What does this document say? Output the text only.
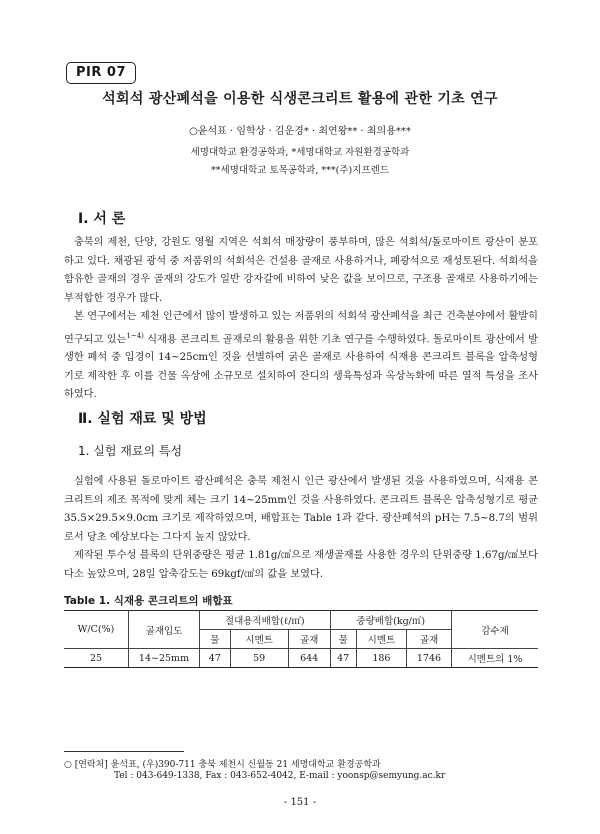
PIR 07
석회석 광산폐석을 이용한 식생콘크리트 활용에 관한 기초 연구
○윤석표 · 임학상 · 김운경* · 최연왕** · 최의용***
세명대학교 환경공학과, *세명대학교 자원환경공학과
**세명대학교 토목공학과, ***(주)지프렌드
Ⅰ. 서 론

충북의 제천, 단양, 강원도 영월 지역은 석회석 매장량이 풍부하며, 많은 석회석/돌로마이트 광산이 분포하고 있다. 채광된 광석 중 저품위의 석회석은 건설용 골재로 사용하거나, 폐광석으로 재성토된다. 석회석을 함유한 골재의 경우 골재의 강도가 일반 강자갈에 비하여 낮은 값을 보이므로, 구조용 골재로 사용하기에는 부적합한 경우가 많다.

본 연구에서는 제천 인근에서 많이 발생하고 있는 저품위의 석회석 광산폐석을 최근 건축분야에서 활발히 연구되고 있는$^{1\sim 4)}$ 식재용 콘크리트 골재로의 활용을 위한 기초 연구를 수행하였다. 돌로마이트 광산에서 발생한 폐석 중 입경이 14~25cm인 것을 선별하여 굵은 골재로 사용하여 식재용 콘크리트 블록을 압축성형기로 제작한 후 이를 건물 옥상에 소규모로 설치하여 잔디의 생육특성과 옥상녹화에 따른 열적 특성을 조사하였다.

Ⅱ. 실험 재료 및 방법
1. 실험 재료의 특성

실험에 사용된 돌로마이트 광산폐석은 충북 제천시 인근 광산에서 발생된 것을 사용하였으며, 식재용 콘크리트의 제조 목적에 맞게 체는 크기 14~25mm인 것을 사용하였다. 콘크리트 블록은 압축성형기로 평균 35.5×29.5×9.0cm 크기로 제작하였으며, 배합표는 Table 1과 같다. 광산폐석의 pH는 7.5~8.7의 범위로서 당초 예상보다는 그다지 높지 않았다.

제작된 투수성 블록의 단위중량은 평균 1.81g/㎤으로 재생골재를 사용한 경우의 단위중량 1.67g/㎤보다 다소 높았으며, 28일 압축강도는 69kgf/㎠의 값을 보였다.

Table 1. 식재용 콘크리트의 배합표
W/C(%)	골재입도	절대용적배합(ℓ/㎥)			중량배합(kg/㎥)			감수제
		물	시멘트	골재	물	시멘트	골재	
25	14~25mm	47	59	644	47	186	1746	시멘트의 1%
○ [연락처] 윤석표, (우)390-711 충북 제천시 신월동 21 세명대학교 환경공학과
Tel : 043-649-1338, Fax : 043-652-4042, E-mail : yoonsp@semyung.ac.kr
- 151 -
